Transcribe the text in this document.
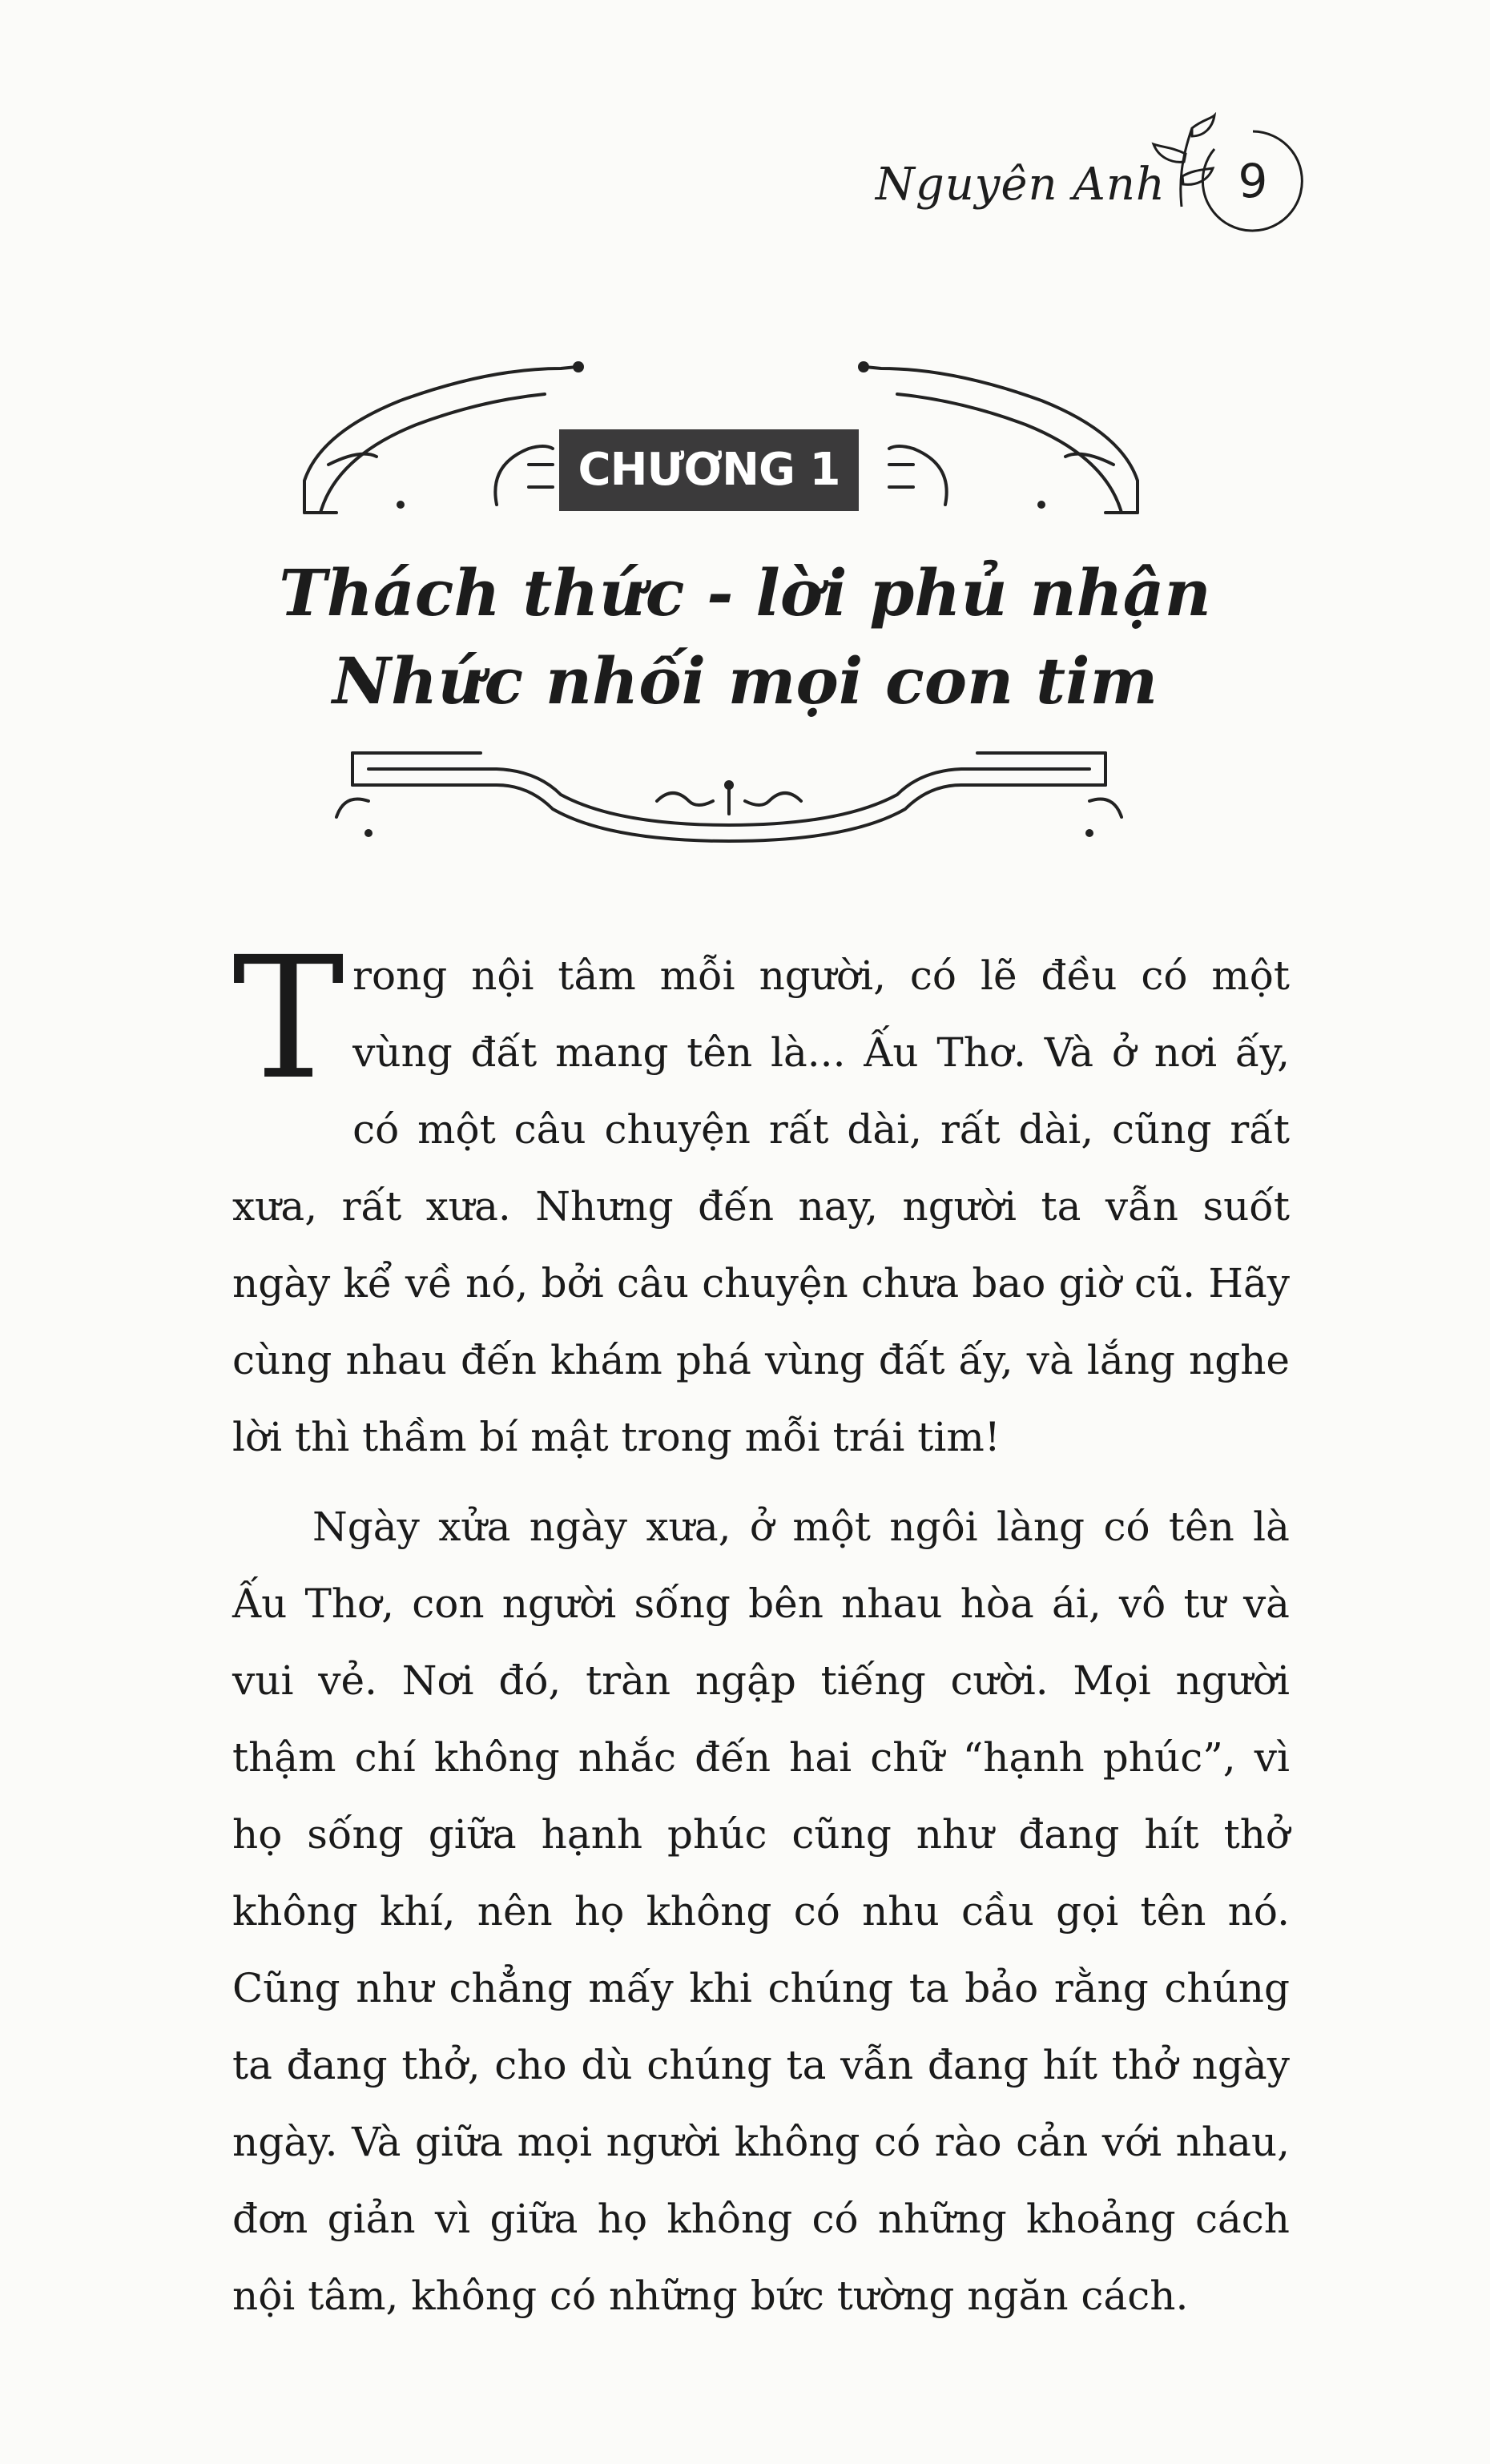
Nguyên Anh	9
CHƯƠNG 1
Thách thức - lời phủ nhận
Nhức nhối mọi con tim

Trong nội tâm mỗi người, có lẽ đều có một vùng đất mang tên là... Ấu Thơ. Và ở nơi ấy, có một câu chuyện rất dài, rất dài, cũng rất xưa, rất xưa. Nhưng đến nay, người ta vẫn suốt ngày kể về nó, bởi câu chuyện chưa bao giờ cũ. Hãy cùng nhau đến khám phá vùng đất ấy, và lắng nghe lời thì thầm bí mật trong mỗi trái tim!

Ngày xửa ngày xưa, ở một ngôi làng có tên là Ấu Thơ, con người sống bên nhau hòa ái, vô tư và vui vẻ. Nơi đó, tràn ngập tiếng cười. Mọi người thậm chí không nhắc đến hai chữ “hạnh phúc”, vì họ sống giữa hạnh phúc cũng như đang hít thở không khí, nên họ không có nhu cầu gọi tên nó. Cũng như chẳng mấy khi chúng ta bảo rằng chúng ta đang thở, cho dù chúng ta vẫn đang hít thở ngày ngày. Và giữa mọi người không có rào cản với nhau, đơn giản vì giữa họ không có những khoảng cách nội tâm, không có những bức tường ngăn cách.
